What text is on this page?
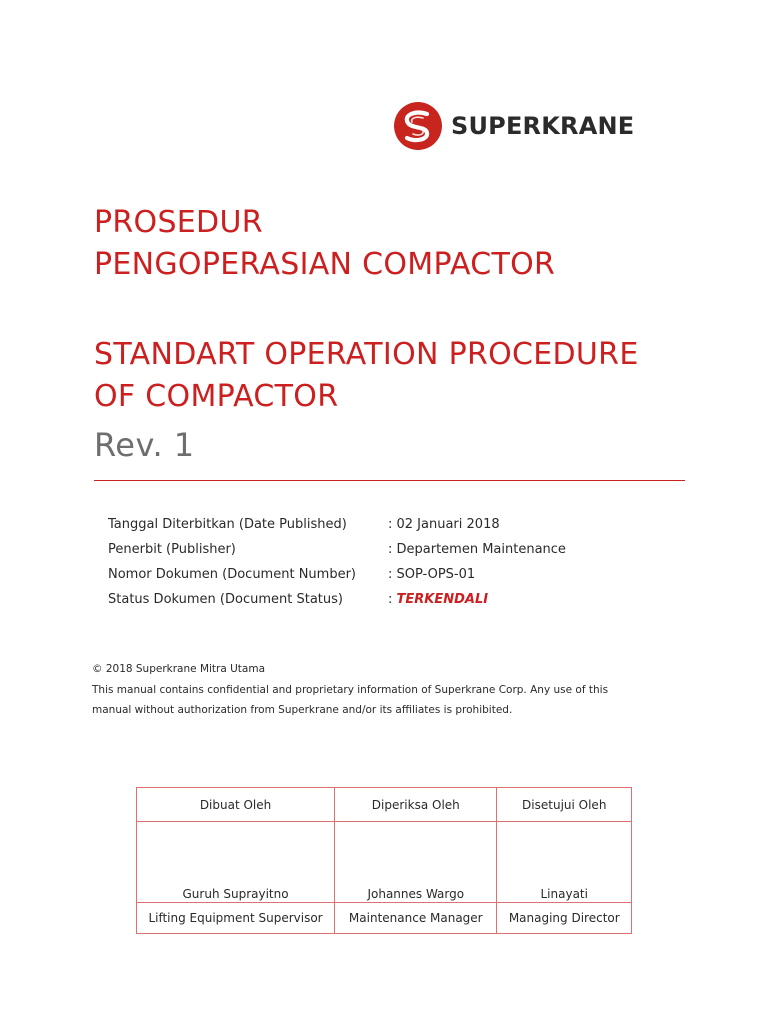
SUPERKRANE
PROSEDUR
PENGOPERASIAN COMPACTOR
STANDART OPERATION PROCEDURE
OF COMPACTOR
Rev. 1
Tanggal Diterbitkan (Date Published)	: 02 Januari 2018
Penerbit (Publisher)	: Departemen Maintenance
Nomor Dokumen (Document Number)	: SOP-OPS-01
Status Dokumen (Document Status)	: TERKENDALI

© 2018 Superkrane Mitra Utama

This manual contains confidential and proprietary information of Superkrane Corp. Any use of this

manual without authorization from Superkrane and/or its affiliates is prohibited.

Dibuat Oleh	Diperiksa Oleh	Disetujui Oleh

Guruh Suprayitno	Johannes Wargo	Linayati

Lifting Equipment Supervisor	Maintenance Manager	Managing Director
